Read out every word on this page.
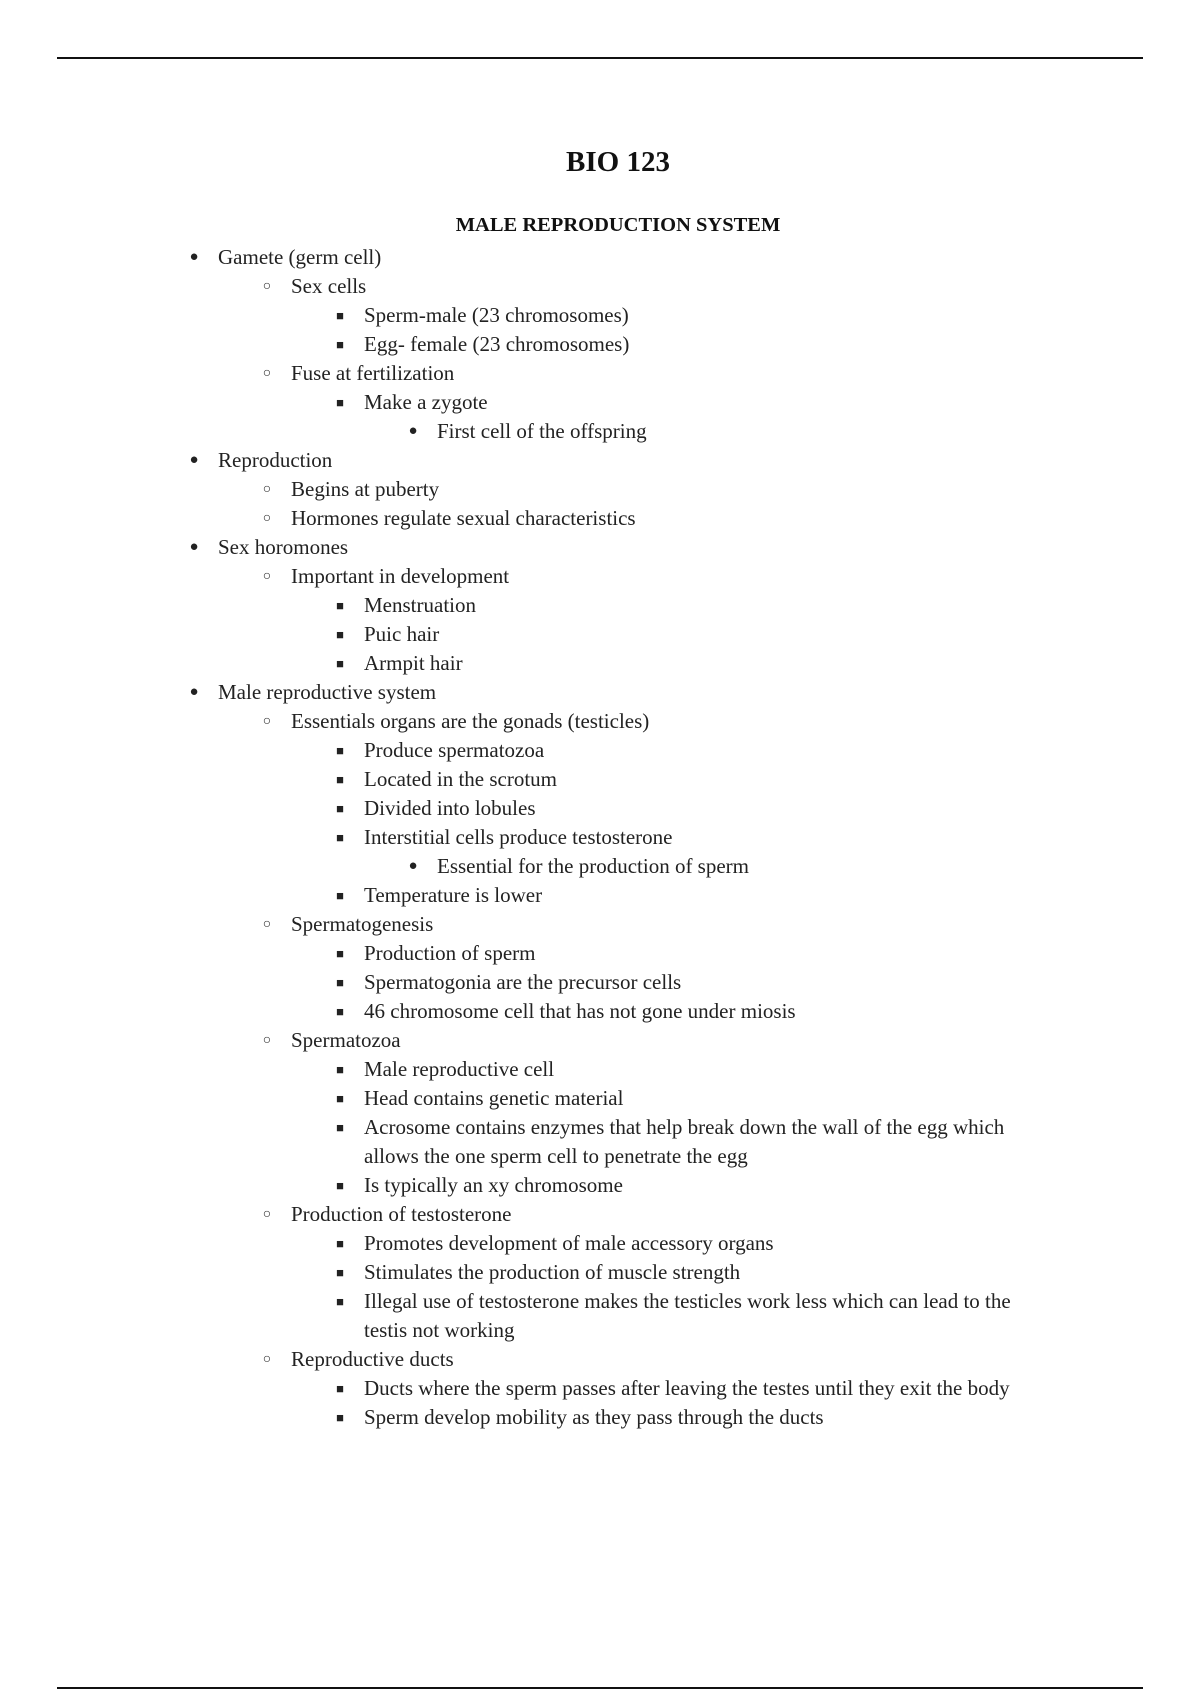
BIO 123
MALE REPRODUCTION SYSTEM
● Gamete (germ cell)
○ Sex cells
■ Sperm-male (23 chromosomes)
■ Egg- female (23 chromosomes)
○ Fuse at fertilization
■ Make a zygote
● First cell of the offspring
● Reproduction
○ Begins at puberty
○ Hormones regulate sexual characteristics
● Sex horomones
○ Important in development
■ Menstruation
■ Puic hair
■ Armpit hair
● Male reproductive system
○ Essentials organs are the gonads (testicles)
■ Produce spermatozoa
■ Located in the scrotum
■ Divided into lobules
■ Interstitial cells produce testosterone
● Essential for the production of sperm
■ Temperature is lower
○ Spermatogenesis
■ Production of sperm
■ Spermatogonia are the precursor cells
■ 46 chromosome cell that has not gone under miosis
○ Spermatozoa
■ Male reproductive cell
■ Head contains genetic material
■ Acrosome contains enzymes that help break down the wall of the egg which
allows the one sperm cell to penetrate the egg
■ Is typically an xy chromosome
○ Production of testosterone
■ Promotes development of male accessory organs
■ Stimulates the production of muscle strength
■ Illegal use of testosterone makes the testicles work less which can lead to the
testis not working
○ Reproductive ducts
■ Ducts where the sperm passes after leaving the testes until they exit the body
■ Sperm develop mobility as they pass through the ducts
